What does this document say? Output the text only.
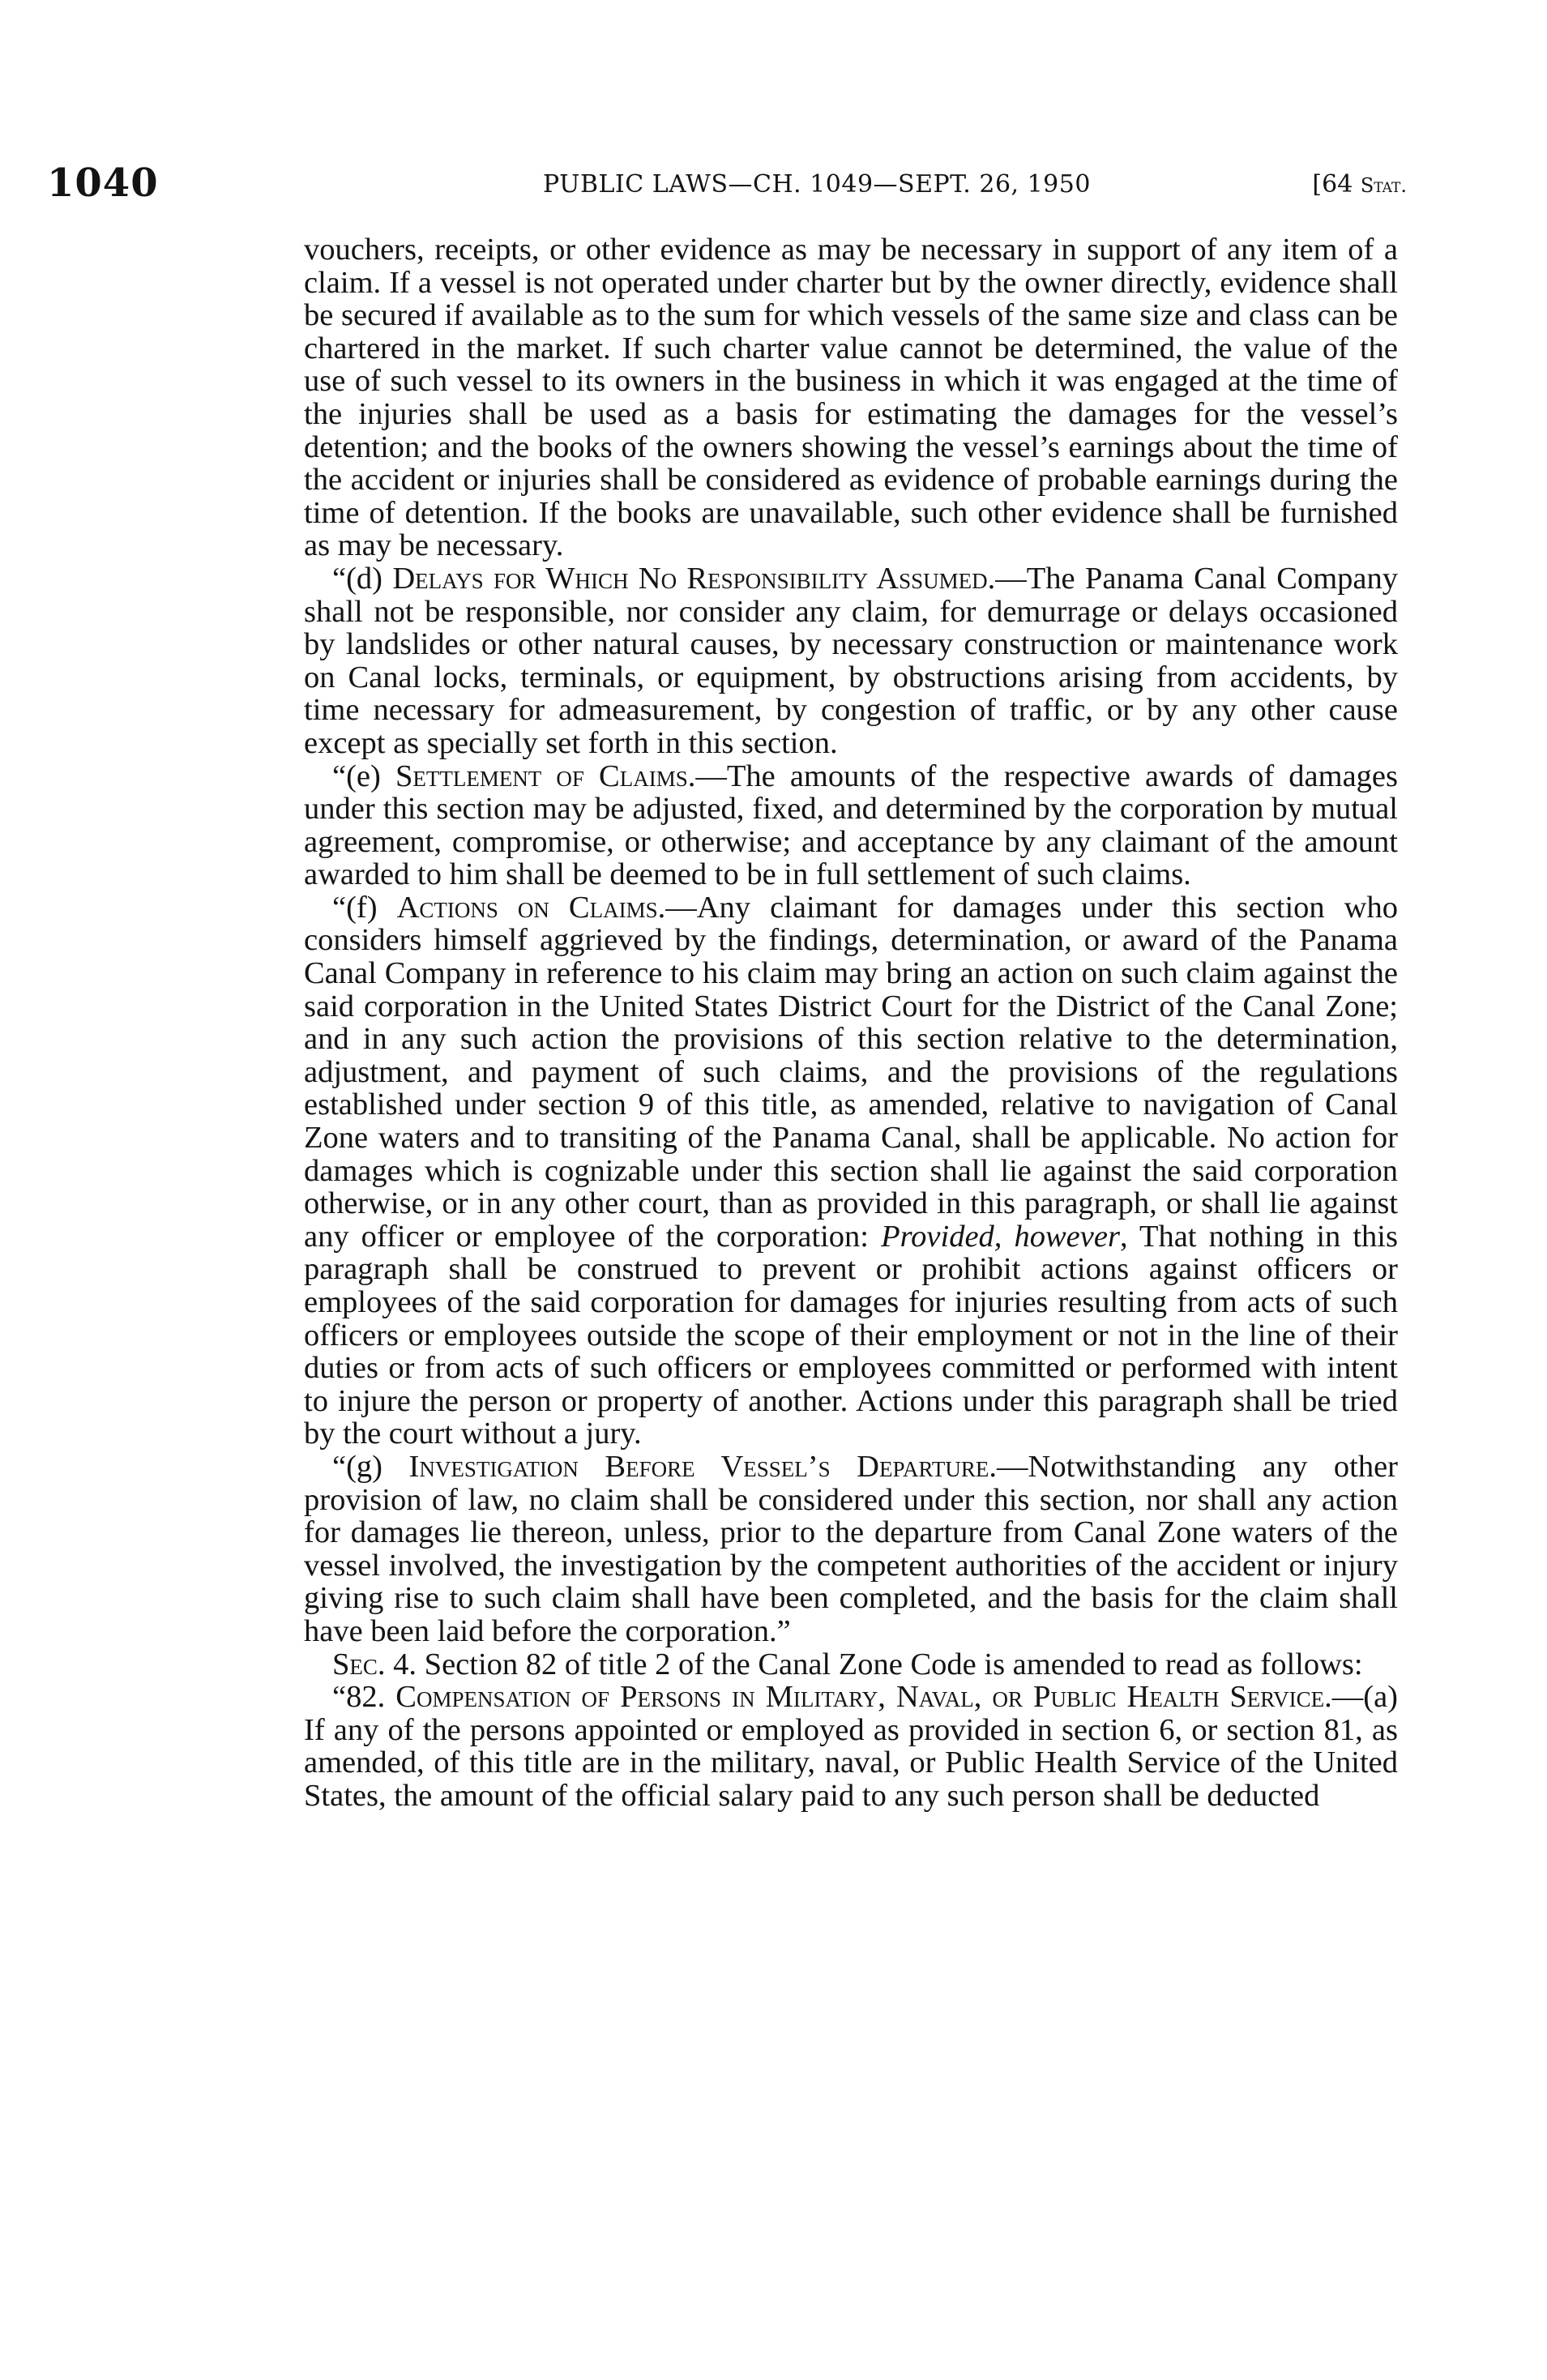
1040	PUBLIC LAWS—CH. 1049—SEPT. 26, 1950	[64 Stat.

vouchers, receipts, or other evidence as may be necessary in support of any item of a claim. If a vessel is not operated under charter but by the owner directly, evidence shall be secured if available as to the sum for which vessels of the same size and class can be chartered in the market. If such charter value cannot be determined, the value of the use of such vessel to its owners in the business in which it was engaged at the time of the injuries shall be used as a basis for estimating the damages for the vessel’s detention; and the books of the owners showing the vessel’s earnings about the time of the accident or injuries shall be considered as evidence of probable earnings during the time of detention. If the books are unavailable, such other evidence shall be furnished as may be necessary.

“(d) Delays for Which No Responsibility Assumed.—The Panama Canal Company shall not be responsible, nor consider any claim, for demurrage or delays occasioned by landslides or other natural causes, by necessary construction or maintenance work on Canal locks, terminals, or equipment, by obstructions arising from accidents, by time necessary for admeasurement, by congestion of traffic, or by any other cause except as specially set forth in this section.

“(e) Settlement of Claims.—The amounts of the respective awards of damages under this section may be adjusted, fixed, and determined by the corporation by mutual agreement, compromise, or otherwise; and acceptance by any claimant of the amount awarded to him shall be deemed to be in full settlement of such claims.

“(f) Actions on Claims.—Any claimant for damages under this section who considers himself aggrieved by the findings, determination, or award of the Panama Canal Company in reference to his claim may bring an action on such claim against the said corporation in the United States District Court for the District of the Canal Zone; and in any such action the provisions of this section relative to the determination, adjustment, and payment of such claims, and the provisions of the regulations established under section 9 of this title, as amended, relative to navigation of Canal Zone waters and to transiting of the Panama Canal, shall be applicable. No action for damages which is cognizable under this section shall lie against the said corporation otherwise, or in any other court, than as provided in this paragraph, or shall lie against any officer or employee of the corporation: Provided, however, That nothing in this paragraph shall be construed to prevent or prohibit actions against officers or employees of the said corporation for damages for injuries resulting from acts of such officers or employees outside the scope of their employment or not in the line of their duties or from acts of such officers or employees committed or performed with intent to injure the person or property of another. Actions under this paragraph shall be tried by the court without a jury.

“(g) Investigation Before Vessel’s Departure.—Notwithstanding any other provision of law, no claim shall be considered under this section, nor shall any action for damages lie thereon, unless, prior to the departure from Canal Zone waters of the vessel involved, the investigation by the competent authorities of the accident or injury giving rise to such claim shall have been completed, and the basis for the claim shall have been laid before the corporation.”

Sec. 4. Section 82 of title 2 of the Canal Zone Code is amended to read as follows:

“82. Compensation of Persons in Military, Naval, or Public Health Service.—(a) If any of the persons appointed or employed as provided in section 6, or section 81, as amended, of this title are in the military, naval, or Public Health Service of the United States, the amount of the official salary paid to any such person shall be deducted
